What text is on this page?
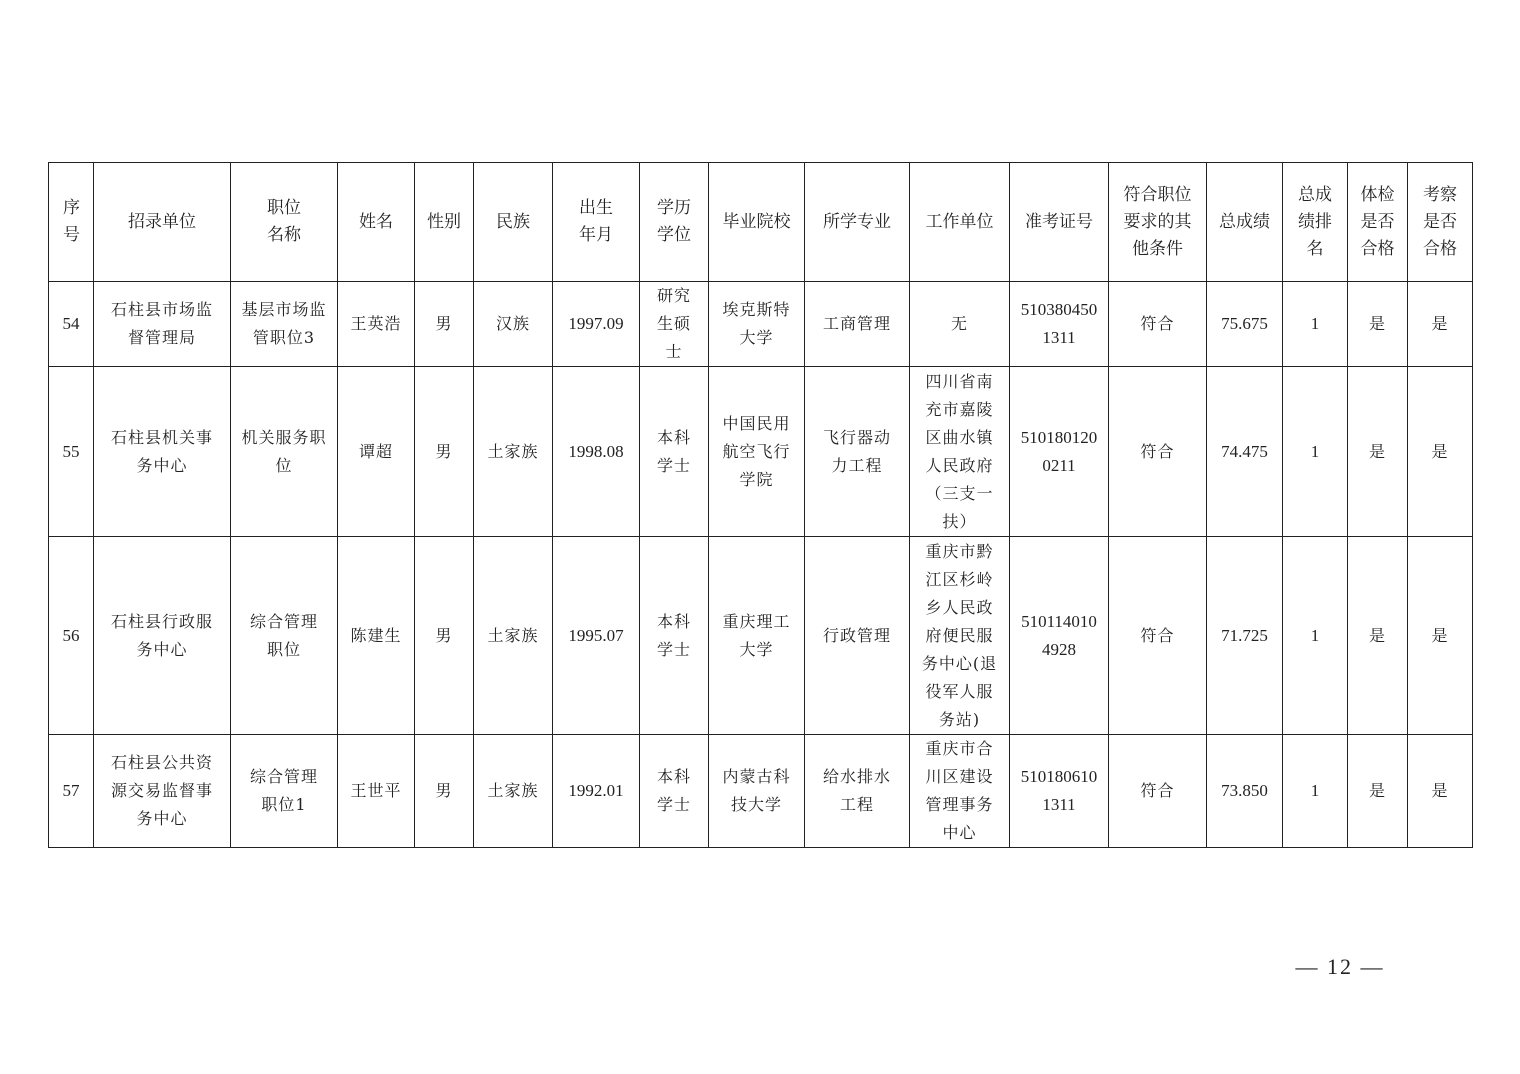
序号	招录单位	职位名称	姓名	性别	民族	出生年月	学历学位	毕业院校	所学专业	工作单位	准考证号	符合职位要求的其他条件	总成绩	总成绩排名	体检是否合格	考察是否合格
54	石柱县市场监督管理局	基层市场监管职位3	王英浩	男	汉族	1997.09	研究生硕士	埃克斯特大学	工商管理	无	5103804501311	符合	75.675	1	是	是
55	石柱县机关事务中心	机关服务职位	谭超	男	土家族	1998.08	本科学士	中国民用航空飞行学院	飞行器动力工程	四川省南充市嘉陵区曲水镇人民政府（三支一扶）	5101801200211	符合	74.475	1	是	是
56	石柱县行政服务中心	综合管理职位	陈建生	男	土家族	1995.07	本科学士	重庆理工大学	行政管理	重庆市黔江区杉岭乡人民政府便民服务中心(退役军人服务站)	5101140104928	符合	71.725	1	是	是
57	石柱县公共资源交易监督事务中心	综合管理职位1	王世平	男	土家族	1992.01	本科学士	内蒙古科技大学	给水排水工程	重庆市合川区建设管理事务中心	5101806101311	符合	73.850	1	是	是
— 12 —
